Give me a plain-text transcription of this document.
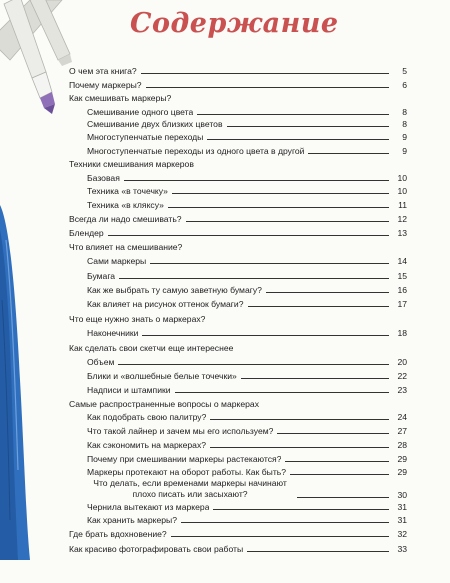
Содержание
О чем эта книга?	5
Почему маркеры?	6
Как смешивать маркеры?
Смешивание одного цвета	8
Смешивание двух близких цветов	8
Многоступенчатые переходы	9
Многоступенчатые переходы из одного цвета в другой	9
Техники смешивания маркеров
Базовая	10
Техника «в точечку»	10
Техника «в кляксу»	11
Всегда ли надо смешивать?	12
Блендер	13
Что влияет на смешивание?
Сами маркеры	14
Бумага	15
Как же выбрать ту самую заветную бумагу?	16
Как влияет на рисунок оттенок бумаги?	17
Что еще нужно знать о маркерах?
Наконечники	18
Как сделать свои скетчи еще интереснее
Объем	20
Блики и «волшебные белые точечки»	22
Надписи и штампики	23
Самые распространенные вопросы о маркерах
Как подобрать свою палитру?	24
Что такой лайнер и зачем мы его используем?	27
Как сэкономить на маркерах?	28
Почему при смешивании маркеры растекаются?	29
Маркеры протекают на оборот работы. Как быть?	29
Что делать, если временами маркеры начинают плохо писать или засыхают?	30
Чернила вытекают из маркера	31
Как хранить маркеры?	31
Где брать вдохновение?	32
Как красиво фотографировать свои работы	33
